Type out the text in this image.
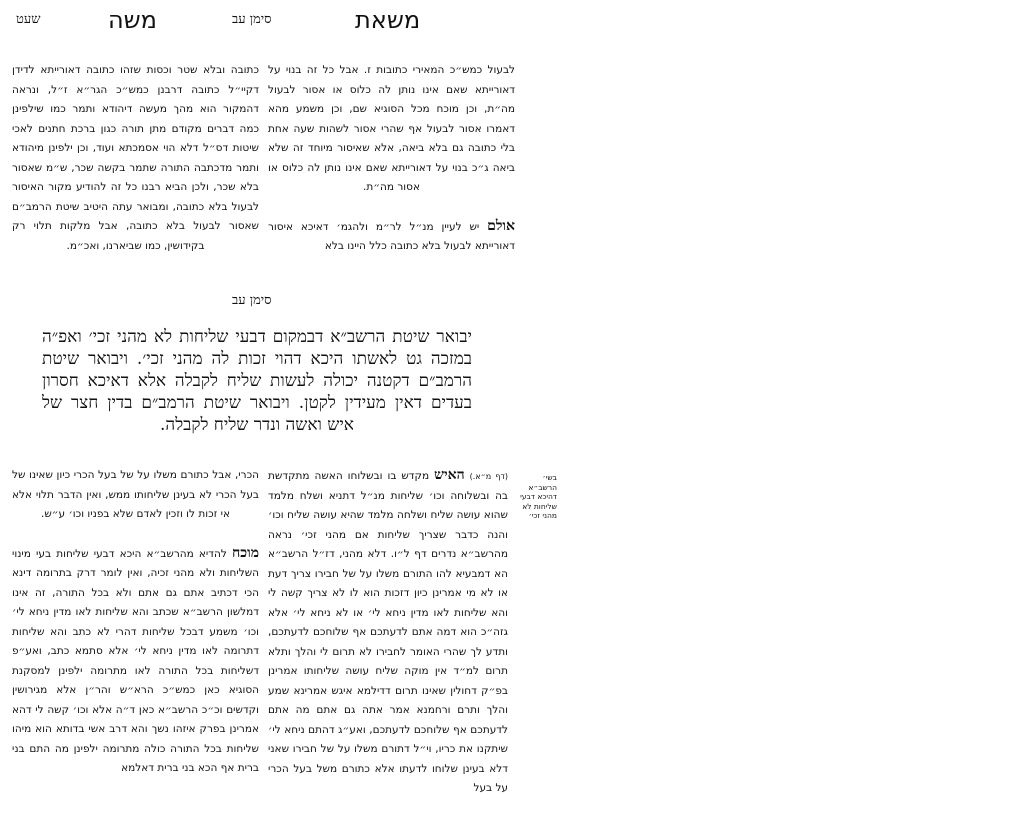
שעט	משה	סימן עב	משאת

לבעול כמש״כ המאירי כתובות ז. אבל כל זה בנוי על דאורייתא שאם אינו נותן לה כלוס או אסור לבעול מה״ת, וכן מוכח מכל הסוגיא שם, וכן משמע מהא דאמרו אסור לבעול אף שהרי אסור לשהות שעה אחת בלי כתובה גם בלא ביאה, אלא שאיסור מיוחד זה שלא ביאה ג״כ בנוי על דאורייתא שאם אינו נותן לה כלוס או אסור מה״ת.

אולם יש לעיין מנ״ל לר״מ ולהגמ׳ דאיכא איסור דאורייתא לבעול בלא כתובה כלל היינו בלא

כתובה ובלא שטר וכסות שזהו כתובה דאורייתא לדידן דקיי״ל כתובה דרבנן כמש״כ הגר״א ז״ל, ונראה דהמקור הוא מהך מעשה דיהודא ותמר כמו שילפינן כמה דברים מקודם מתן תורה כגון ברכת חתנים לאכי שיטות דס״ל דלא הוי אסמכתא ועוד, וכן ילפינן מיהודא ותמר מדכתבה התורה שתמר בקשה שכר, ש״מ שאסור בלא שכר, ולכן הביא רבנו כל זה להודיע מקור האיסור לבעול בלא כתובה, ומבואר עתה היטיב שיטת הרמב״ם שאסור לבעול בלא כתובה, אבל מלקות תלוי רק בקידושין, כמו שביארנו, ואכ״מ.

סימן עב
יבואר שיטת הרשב״א דבמקום דבעי שליחות לא מהני זכי׳ ואפ״ה במזכה גט לאשתו היכא דהוי זכות לה מהני זכי׳. ויבואר שיטת הרמב״ם דקטנה יכולה לעשות שליח לקבלה אלא דאיכא חסרון בעדים דאין מעידין לקטן. ויבואר שיטת הרמב״ם בדין חצר של איש ואשה ונדר שליח לקבלה.
בשי׳
הרשב״א
דהיכא דבעי
שליחות לא
מהני זכי׳

(דף מ״א.) האיש מקדש בו ובשלוחו האשה מתקדשת בה ובשלוחה וכו׳ שליחות מנ״ל דתניא ושלח מלמד שהוא עושה שליח ושלחה מלמד שהיא עושה שליח וכו׳ והנה כדבר שצריך שליחות אם מהני זכי׳ נראה מהרשב״א נדרים דף ל״ו. דלא מהני, דז״ל הרשב״א הא דמבעיא להו התורם משלו על של חבירו צריך דעת או לא מי אמרינן כיון דזכות הוא לו לא צריך קשה לי והא שליחות לאו מדין ניחא לי׳ או לא ניחא לי׳ אלא גזה״כ הוא דמה אתם לדעתכם אף שלוחכם לדעתכם, ותדע לך שהרי האומר לחבירו לא תרום לי והלך ותלא תרום למ״ד אין מוקה שליח עושה שליחותו אמרינן בפ״ק דחולין שאינו תרום דדילמא איגש אמרינא שמע והלך ותרם ורחמנא אמר אתה גם אתם מה אתם לדעתכם אף שלוחכם לדעתכם, ואע״ג דהתם ניחא לי׳ שיתקנו את כריו, וי״ל דתורם משלו על של חבירו שאני דלא בעינן שלוחו לדעתו אלא כתורם משל בעל הכרי על בעל

הכרי, אבל כתורם משלו על של בעל הכרי כיון שאינו של בעל הכרי לא בעינן שליחותו ממש, ואין הדבר תלוי אלא אי זכות לו וזכין לאדם שלא בפניו וכו׳ ע״ש.

מוכח להדיא מהרשב״א היכא דבעי שליחות בעי מינוי השליחות ולא מהני זכיה, ואין לומר דרק בתרומה דינא הכי דכתיב אתם גם אתם ולא בכל התורה, זה אינו דמלשון הרשב״א שכתב והא שליחות לאו מדין ניחא לי׳ וכו׳ משמע דבכל שליחות דהרי לא כתב והא שליחות דתרומה לאו מדין ניחא לי׳ אלא סתמא כתב, ואע״פ דשליחות בכל התורה לאו מתרומה ילפינן למסקנת הסוגיא כאן כמש״כ הרא״ש והר״ן אלא מגירושין וקדשים וכ״כ הרשב״א כאן ד״ה אלא וכו׳ קשה לי דהא אמרינן בפרק איזהו נשך והא דרב אשי בדותא הוא מיהו שליחות בכל התורה כולה מתרומה ילפינן מה התם בני ברית אף הכא בני ברית דאלמא
